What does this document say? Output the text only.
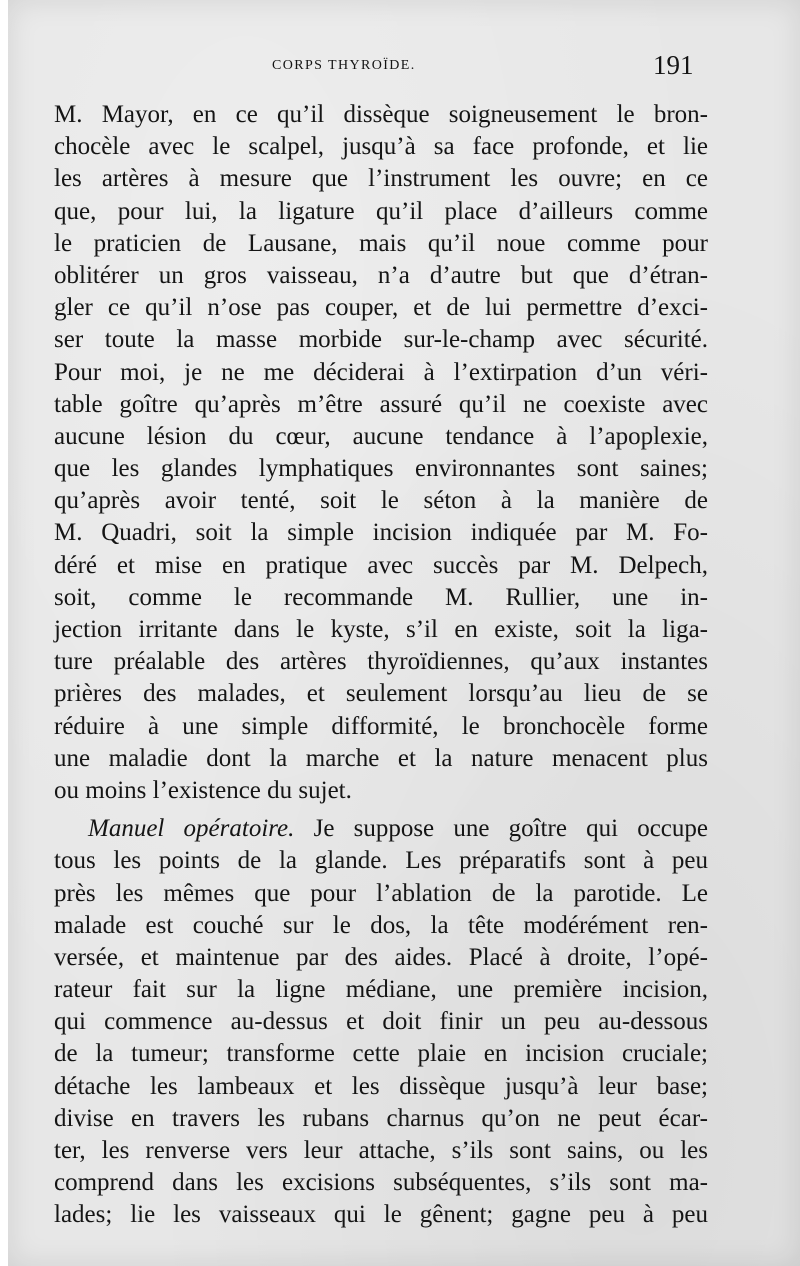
CORPS THYROÏDE.	191
M. Mayor, en ce qu’il dissèque soigneusement le bron-
chocèle avec le scalpel, jusqu’à sa face profonde, et lie
les artères à mesure que l’instrument les ouvre; en ce
que, pour lui, la ligature qu’il place d’ailleurs comme
le praticien de Lausane, mais qu’il noue comme pour
oblitérer un gros vaisseau, n’a d’autre but que d’étran-
gler ce qu’il n’ose pas couper, et de lui permettre d’exci-
ser toute la masse morbide sur-le-champ avec sécurité.
Pour moi, je ne me déciderai à l’extirpation d’un véri-
table goître qu’après m’être assuré qu’il ne coexiste avec
aucune lésion du cœur, aucune tendance à l’apoplexie,
que les glandes lymphatiques environnantes sont saines;
qu’après avoir tenté, soit le séton à la manière de
M. Quadri, soit la simple incision indiquée par M. Fo-
déré et mise en pratique avec succès par M. Delpech,
soit, comme le recommande M. Rullier, une in-
jection irritante dans le kyste, s’il en existe, soit la liga-
ture préalable des artères thyroïdiennes, qu’aux instantes
prières des malades, et seulement lorsqu’au lieu de se
réduire à une simple difformité, le bronchocèle forme
une maladie dont la marche et la nature menacent plus
ou moins l’existence du sujet.
Manuel opératoire. Je suppose une goître qui occupe
tous les points de la glande. Les préparatifs sont à peu
près les mêmes que pour l’ablation de la parotide. Le
malade est couché sur le dos, la tête modérément ren-
versée, et maintenue par des aides. Placé à droite, l’opé-
rateur fait sur la ligne médiane, une première incision,
qui commence au-dessus et doit finir un peu au-dessous
de la tumeur; transforme cette plaie en incision cruciale;
détache les lambeaux et les dissèque jusqu’à leur base;
divise en travers les rubans charnus qu’on ne peut écar-
ter, les renverse vers leur attache, s’ils sont sains, ou les
comprend dans les excisions subséquentes, s’ils sont ma-
lades; lie les vaisseaux qui le gênent; gagne peu à peu
